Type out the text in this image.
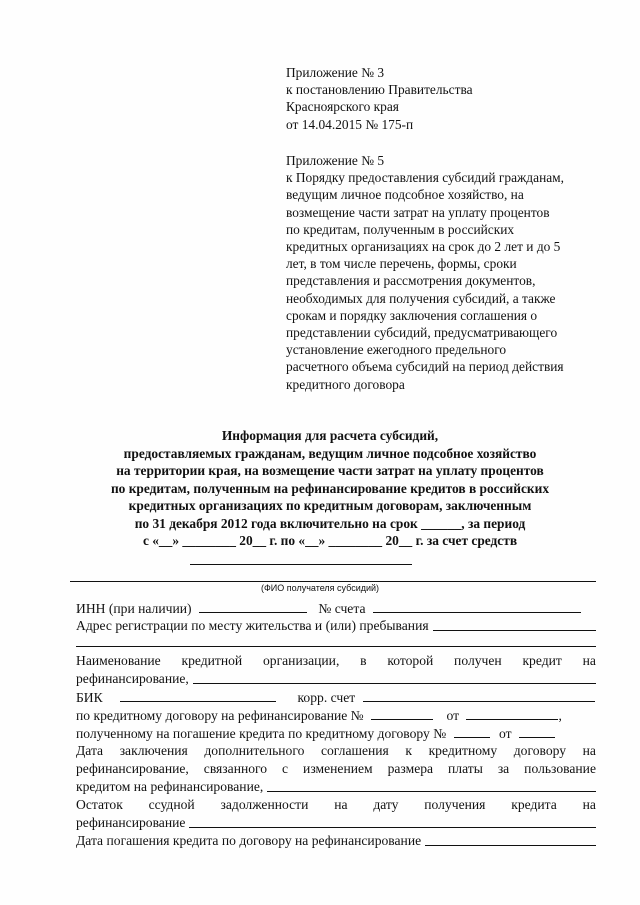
Приложение № 3
к постановлению Правительства
Красноярского края
от 14.04.2015 № 175-п
Приложение № 5
к Порядку предоставления субсидий гражданам,
ведущим личное подсобное хозяйство, на
возмещение части затрат на уплату процентов
по кредитам, полученным в российских
кредитных организациях на срок до 2 лет и до 5
лет, в том числе перечень, формы, сроки
представления и рассмотрения документов,
необходимых для получения субсидий, а также
срокам и порядку заключения соглашения о
представлении субсидий, предусматривающего
установление ежегодного предельного
расчетного объема субсидий на период действия
кредитного договора
Информация для расчета субсидий,
предоставляемых гражданам, ведущим личное подсобное хозяйство
на территории края, на возмещение части затрат на уплату процентов
по кредитам, полученным на рефинансирование кредитов в российских
кредитных организациях по кредитным договорам, заключенным
по 31 декабря 2012 года включительно на срок ______, за период
с «__» ________ 20__ г. по «__» ________ 20__ г. за счет средств
(ФИО получателя субсидий)
ИНН (при наличии)	№ счета
Адрес регистрации по месту жительства и (или) пребывания
Наименование кредитной организации, в которой получен кредит на
рефинансирование,
БИК	корр. счет
по кредитному договору на рефинансирование №	от	,
полученному на погашение кредита по кредитному договору №	от
Дата заключения дополнительного соглашения к кредитному договору на
рефинансирование, связанного с изменением размера платы за пользование
кредитом на рефинансирование,
Остаток ссудной задолженности на дату получения кредита на
рефинансирование
Дата погашения кредита по договору на рефинансирование
